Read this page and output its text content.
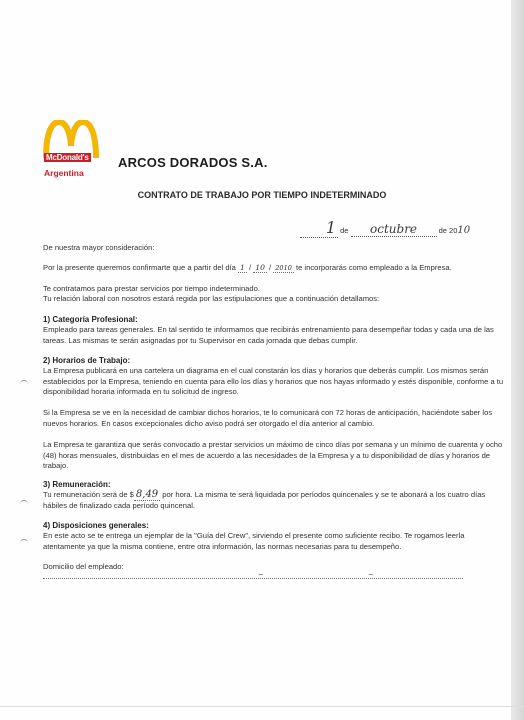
McDonald's
Argentina
ARCOS DORADOS S.A.
CONTRATO DE TRABAJO POR TIEMPO INDETERMINADO
1 de octubre	de 2010
De nuestra mayor consideración:
Por la presente queremos confirmarte que a partir del día 1 / 10 / 2010 te incorporarás como empleado a la Empresa.
Te contratamos para prestar servicios por tiempo indeterminado.
Tu relación laboral con nosotros estará regida por las estipulaciones que a continuación detallamos:
1) Categoría Profesional:
Empleado para tareas generales. En tal sentido te informamos que recibirás entrenamiento para desempeñar todas y cada una de las tareas. Las mismas te serán asignadas por tu Supervisor en cada jornada que debas cumplir.
2) Horarios de Trabajo:
La Empresa publicará en una cartelera un diagrama en el cual constarán los días y horarios que deberás cumplir. Los mismos serán establecidos por la Empresa, teniendo en cuenta para ello los días y horarios que nos hayas informado y estés disponible, conforme a tu disponibilidad horaria informada en tu solicitud de ingreso.
Si la Empresa se ve en la necesidad de cambiar dichos horarios, te lo comunicará con 72 horas de anticipación, haciéndote saber los nuevos horarios. En casos excepcionales dicho aviso podrá ser otorgado el día anterior al cambio.
La Empresa te garantiza que serás convocado a prestar servicios un máximo de cinco días por semana y un mínimo de cuarenta y ocho (48) horas mensuales, distribuidas en el mes de acuerdo a las necesidades de la Empresa y a tu disponibilidad de días y horarios de trabajo.
3) Remuneración:
Tu remuneración será de $ 8,49 por hora. La misma te será liquidada por períodos quincenales y se te abonará a los cuatro días hábiles de finalizado cada período quincenal.
4) Disposiciones generales:
En este acto se te entrega un ejemplar de la "Guía del Crew", sirviendo el presente como suficiente recibo. Te rogamos leerla atentamente ya que la misma contiene, entre otra información, las normas necesarias para tu desempeño.
Domicilio del empleado:
~	~
